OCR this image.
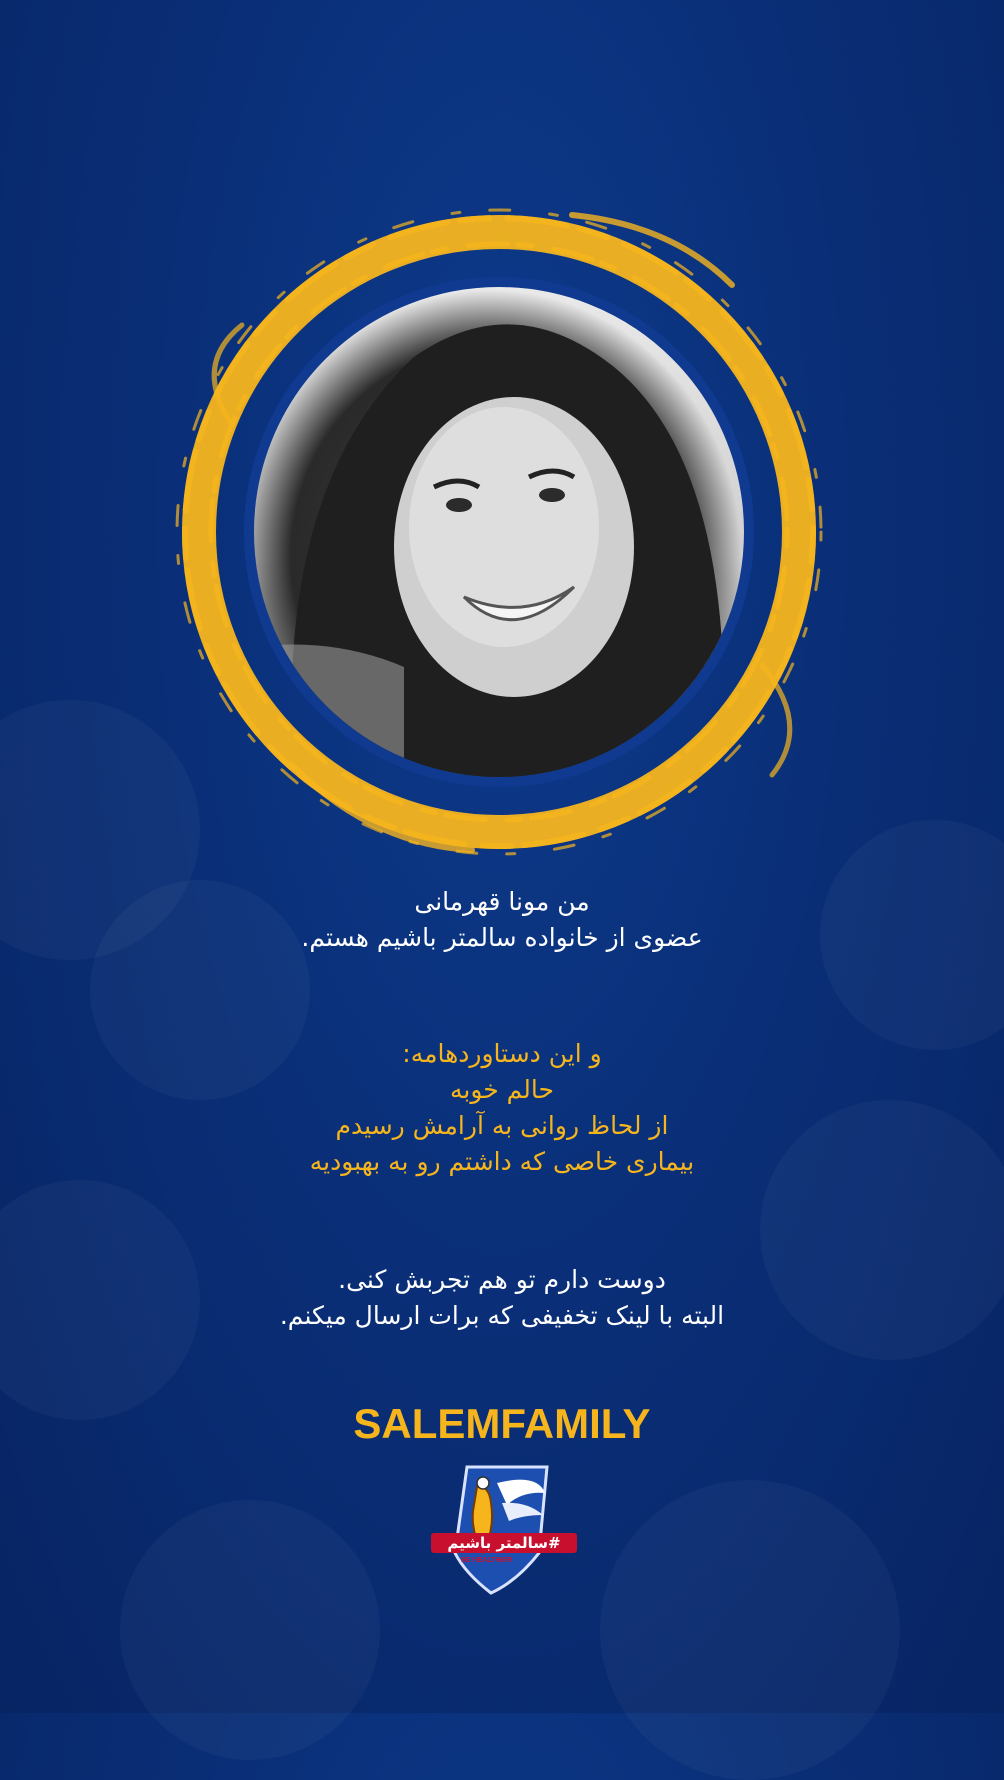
من مونا قهرمانی
عضوی از خانواده سالمتر باشیم هستم.
و این دستاوردهامه:
حالم خوبه
از لحاظ روانی به آرامش رسیدم
بیماری خاصی که داشتم رو به بهبودیه
دوست دارم تو هم تجربش کنی.
البته با لینک تخفیفی که برات ارسال میکنم.
SALEMFAMILY
#سالمتر باشیم
BE HEALTHIER
